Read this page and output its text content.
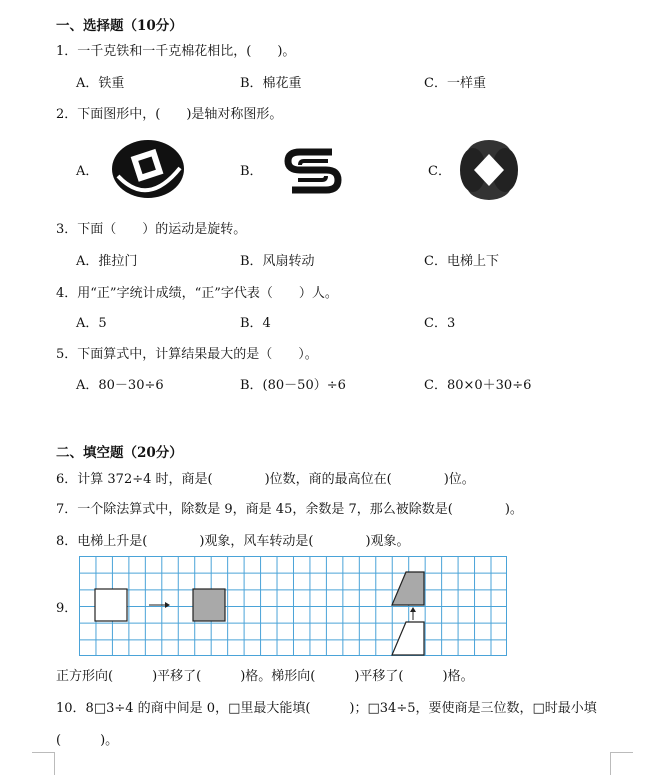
一、选择题（10分）
1．一千克铁和一千克棉花相比，(　　)。
A．铁重	B．棉花重	C．一样重
2．下面图形中，(　　)是轴对称图形。
A．	B．	C．
3．下面（　　）的运动是旋转。
A．推拉门	B．风扇转动	C．电梯上下
4．用“正”字统计成绩，“正”字代表（　　）人。
A．5	B．4	C．3
5．下面算式中，计算结果最大的是（　　）。
A．80－30÷6	B．(80－50）÷6	C．80×0＋30÷6
二、填空题（20分）
6．计算 372÷4 时，商是(　　　　)位数，商的最高位在(　　　　)位。
7．一个除法算式中，除数是 9，商是 45，余数是 7，那么被除数是(　　　　)。
8．电梯上升是(　　　　)观象，风车转动是(　　　　)观象。
9．
正方形向(　　　)平移了(　　　)格。梯形向(　　　)平移了(　　　)格。
10．8□3÷4 的商中间是 0，□里最大能填(　　　)；□34÷5，要使商是三位数，□时最小填
(　　　)。
